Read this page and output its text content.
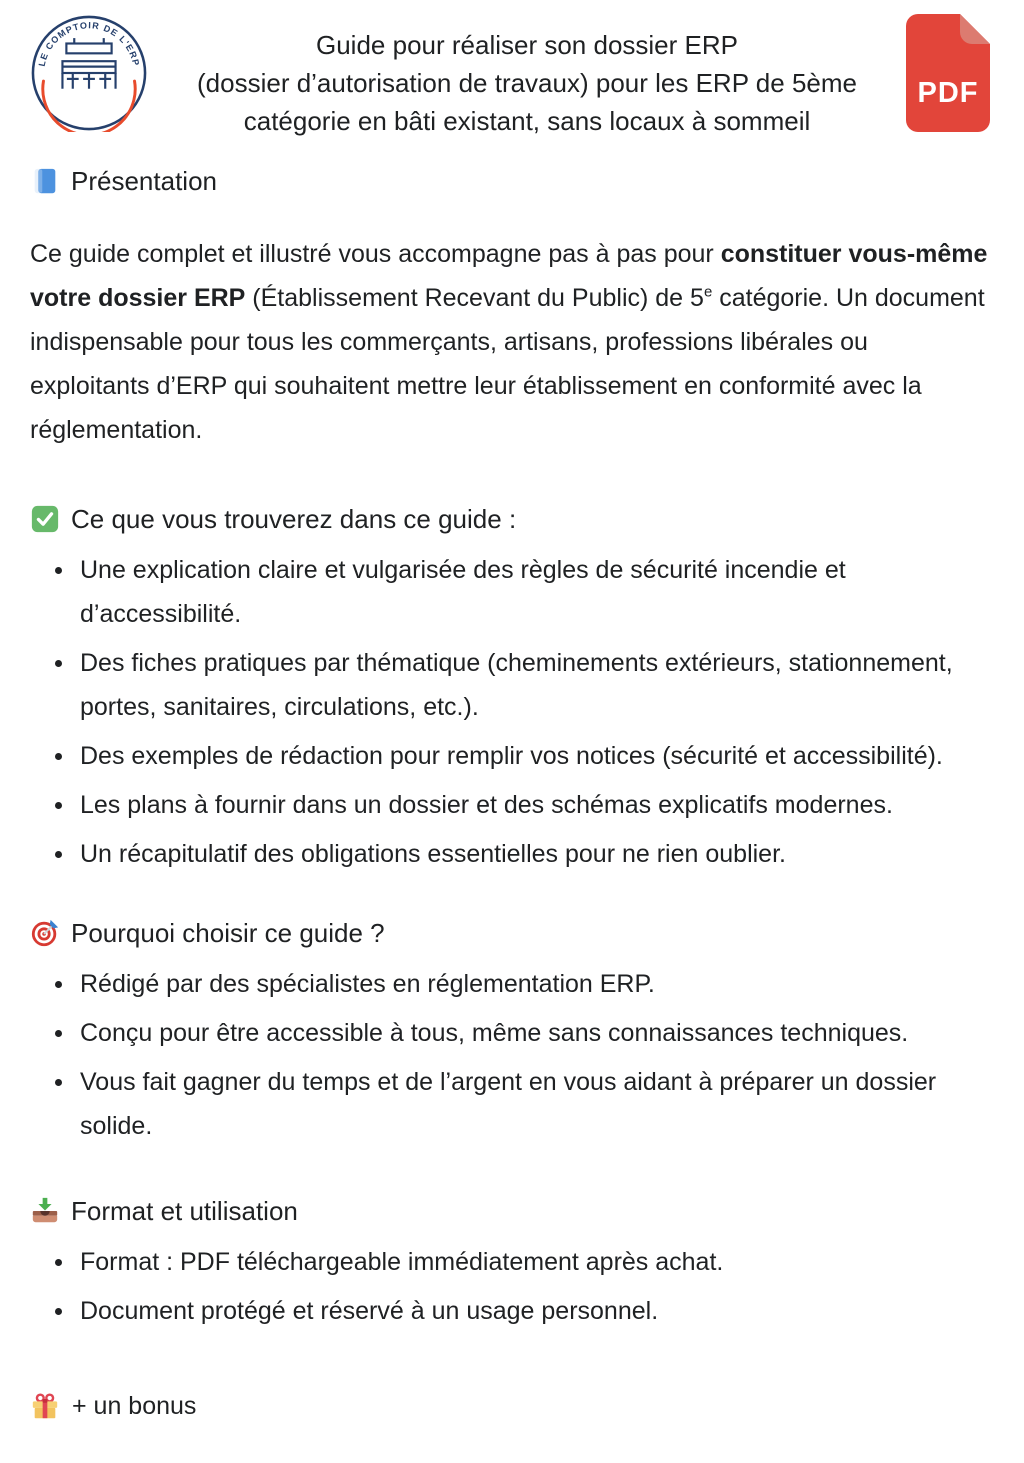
LE COMPTOIR DE L'ERP
Guide pour réaliser son dossier ERP
(dossier d’autorisation de travaux) pour les ERP de 5ème
catégorie en bâti existant, sans locaux à sommeil
PDF
Présentation

Ce guide complet et illustré vous accompagne pas à pas pour constituer vous-même votre dossier ERP (Établissement Recevant du Public) de 5e catégorie. Un document indispensable pour tous les commerçants, artisans, professions libérales ou exploitants d’ERP qui souhaitent mettre leur établissement en conformité avec la réglementation.

Ce que vous trouverez dans ce guide :
Une explication claire et vulgarisée des règles de sécurité incendie et d’accessibilité.
Des fiches pratiques par thématique (cheminements extérieurs, stationnement, portes, sanitaires, circulations, etc.).
Des exemples de rédaction pour remplir vos notices (sécurité et accessibilité).
Les plans à fournir dans un dossier et des schémas explicatifs modernes.
Un récapitulatif des obligations essentielles pour ne rien oublier.
Pourquoi choisir ce guide ?
Rédigé par des spécialistes en réglementation ERP.
Conçu pour être accessible à tous, même sans connaissances techniques.
Vous fait gagner du temps et de l’argent en vous aidant à préparer un dossier solide.
Format et utilisation
Format : PDF téléchargeable immédiatement après achat.
Document protégé et réservé à un usage personnel.
+ un bonus
